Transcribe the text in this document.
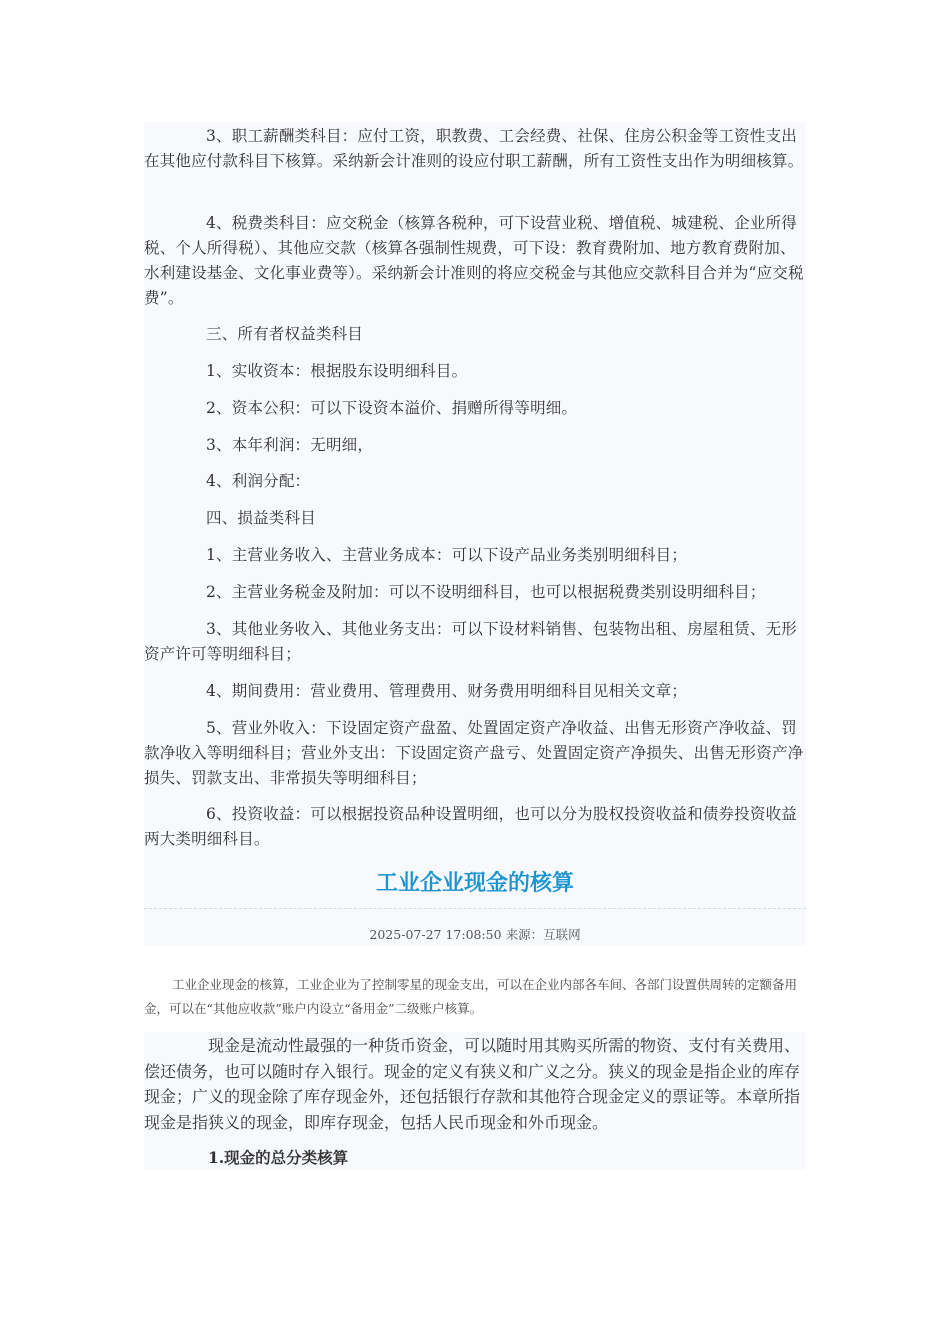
3、职工薪酬类科目：应付工资，职教费、工会经费、社保、住房公积金等工资性支出在其他应付款科目下核算。采纳新会计准则的设应付职工薪酬，所有工资性支出作为明细核算。

4、税费类科目：应交税金（核算各税种，可下设营业税、增值税、城建税、企业所得税、个人所得税）、其他应交款（核算各强制性规费，可下设：教育费附加、地方教育费附加、水利建设基金、文化事业费等）。采纳新会计准则的将应交税金与其他应交款科目合并为“应交税费”。

三、所有者权益类科目

1、实收资本：根据股东设明细科目。

2、资本公积：可以下设资本溢价、捐赠所得等明细。

3、本年利润：无明细，

4、利润分配：

四、损益类科目

1、主营业务收入、主营业务成本：可以下设产品业务类别明细科目；

2、主营业务税金及附加：可以不设明细科目，也可以根据税费类别设明细科目；

3、其他业务收入、其他业务支出：可以下设材料销售、包装物出租、房屋租赁、无形资产许可等明细科目；

4、期间费用：营业费用、管理费用、财务费用明细科目见相关文章；

5、营业外收入：下设固定资产盘盈、处置固定资产净收益、出售无形资产净收益、罚款净收入等明细科目；营业外支出：下设固定资产盘亏、处置固定资产净损失、出售无形资产净损失、罚款支出、非常损失等明细科目；

6、投资收益：可以根据投资品种设置明细，也可以分为股权投资收益和债券投资收益两大类明细科目。

工业企业现金的核算
2025-07-27 17:08:50 来源：互联网

工业企业现金的核算，工业企业为了控制零星的现金支出，可以在企业内部各车间、各部门设置供周转的定额备用金，可以在“其他应收款”账户内设立“备用金”二级账户核算。

现金是流动性最强的一种货币资金，可以随时用其购买所需的物资、支付有关费用、偿还债务，也可以随时存入银行。现金的定义有狭义和广义之分。狭义的现金是指企业的库存现金；广义的现金除了库存现金外，还包括银行存款和其他符合现金定义的票证等。本章所指现金是指狭义的现金，即库存现金，包括人民币现金和外币现金。

1.现金的总分类核算
